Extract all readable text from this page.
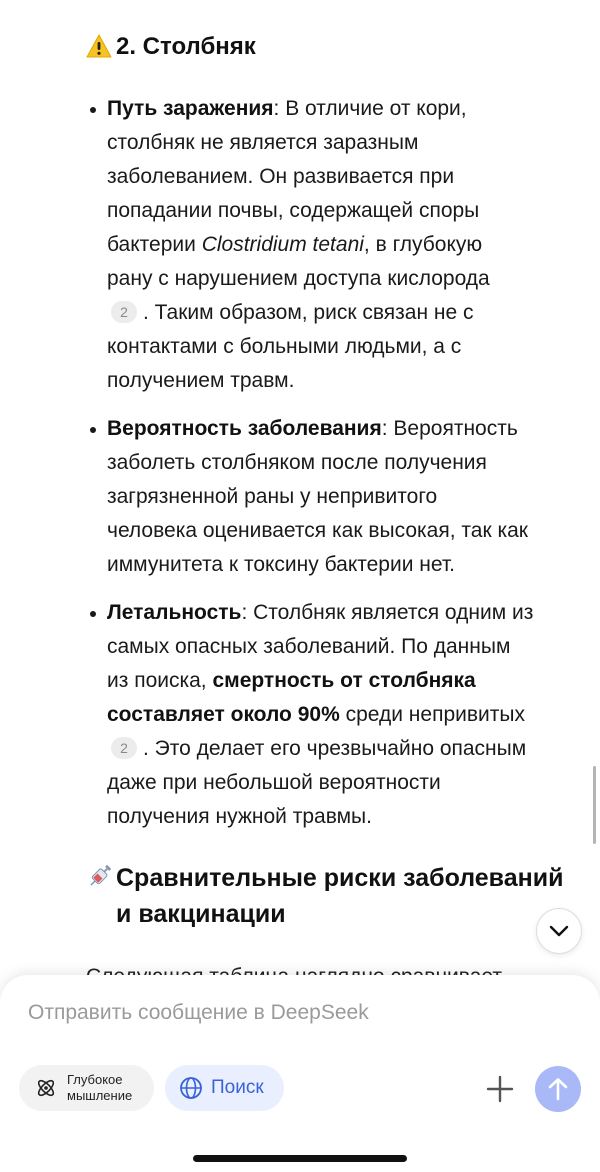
2. Столбняк
Путь заражения: В отличие от кори,
столбняк не является заразным
заболеванием. Он развивается при
попадании почвы, содержащей споры
бактерии Clostridium tetani, в глубокую
рану с нарушением доступа кислорода
2 . Таким образом, риск связан не с
контактами с больными людьми, а с
получением травм.
Вероятность заболевания: Вероятность
заболеть столбняком после получения
загрязненной раны у непривитого
человека оценивается как высокая, так как
иммунитета к токсину бактерии нет.
Летальность: Столбняк является одним из
самых опасных заболеваний. По данным
из поиска, смертность от столбняка
составляет около 90% среди непривитых
2 . Это делает его чрезвычайно опасным
даже при небольшой вероятности
получения нужной травмы.
Сравнительные риски заболеваний
и вакцинации
Отправить сообщение в DeepSeek
Глубокое
мышление	Поиск
